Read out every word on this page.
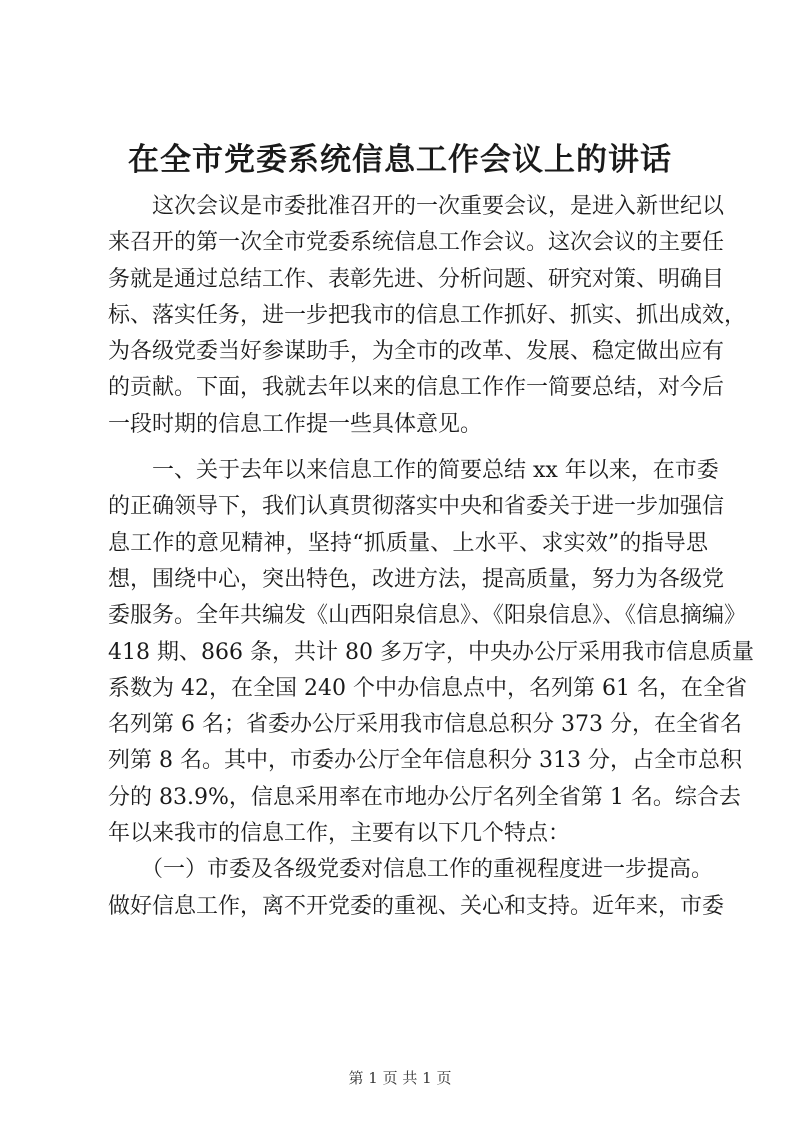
在全市党委系统信息工作会议上的讲话
　　这次会议是市委批准召开的一次重要会议，是进入新世纪以
来召开的第一次全市党委系统信息工作会议。这次会议的主要任
务就是通过总结工作、表彰先进、分析问题、研究对策、明确目
标、落实任务，进一步把我市的信息工作抓好、抓实、抓出成效，
为各级党委当好参谋助手，为全市的改革、发展、稳定做出应有
的贡献。下面，我就去年以来的信息工作作一简要总结，对今后
一段时期的信息工作提一些具体意见。
　　一、关于去年以来信息工作的简要总结 xx 年以来，在市委
的正确领导下，我们认真贯彻落实中央和省委关于进一步加强信
息工作的意见精神，坚持“抓质量、上水平、求实效”的指导思
想，围绕中心，突出特色，改进方法，提高质量，努力为各级党
委服务。全年共编发《山西阳泉信息》、《阳泉信息》、《信息摘编》
418 期、866 条，共计 80 多万字，中央办公厅采用我市信息质量
系数为 42，在全国 240 个中办信息点中，名列第 61 名，在全省
名列第 6 名；省委办公厅采用我市信息总积分 373 分，在全省名
列第 8 名。其中，市委办公厅全年信息积分 313 分，占全市总积
分的 83.9%，信息采用率在市地办公厅名列全省第 1 名。综合去
年以来我市的信息工作，主要有以下几个特点：
　　（一）市委及各级党委对信息工作的重视程度进一步提高。
做好信息工作，离不开党委的重视、关心和支持。近年来，市委
第 1 页 共 1 页
